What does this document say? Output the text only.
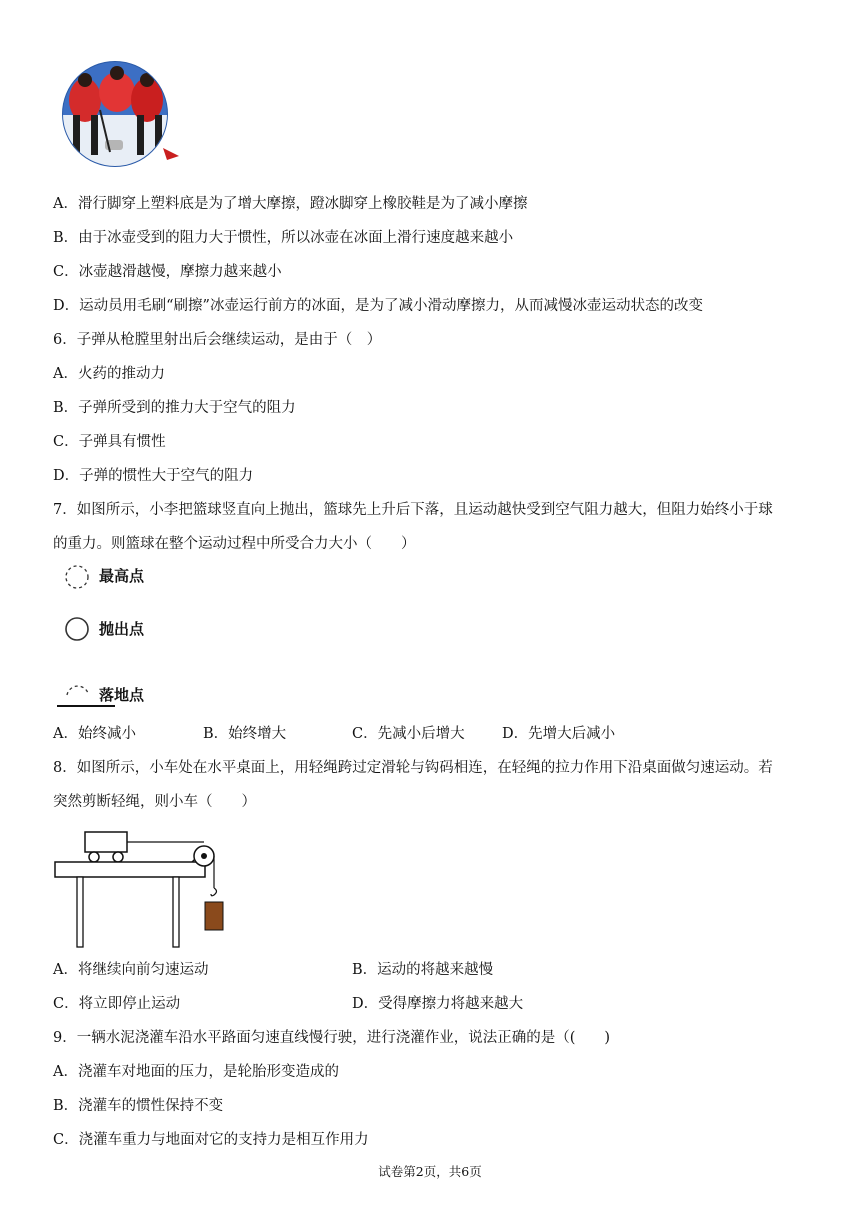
A．滑行脚穿上塑料底是为了增大摩擦，蹬冰脚穿上橡胶鞋是为了减小摩擦
B．由于冰壶受到的阻力大于惯性，所以冰壶在冰面上滑行速度越来越小
C．冰壶越滑越慢，摩擦力越来越小
D．运动员用毛刷“刷擦”冰壶运行前方的冰面，是为了减小滑动摩擦力，从而减慢冰壶运动状态的改变
6．子弹从枪膛里射出后会继续运动，是由于（　）
A．火药的推动力
B．子弹所受到的推力大于空气的阻力
C．子弹具有惯性
D．子弹的惯性大于空气的阻力
7．如图所示，小李把篮球竖直向上抛出，篮球先上升后下落，且运动越快受到空气阻力越大，但阻力始终小于球
的重力。则篮球在整个运动过程中所受合力大小（　　）
最高点
抛出点
落地点
A．始终减小	B．始终增大	C．先减小后增大	D．先增大后减小
8．如图所示，小车处在水平桌面上，用轻绳跨过定滑轮与钩码相连，在轻绳的拉力作用下沿桌面做匀速运动。若
突然剪断轻绳，则小车（　　）
A．将继续向前匀速运动	B．运动的将越来越慢
C．将立即停止运动	D．受得摩擦力将越来越大
9．一辆水泥浇灌车沿水平路面匀速直线慢行驶，进行浇灌作业，说法正确的是（(　　)
A．浇灌车对地面的压力，是轮胎形变造成的
B．浇灌车的惯性保持不变
C．浇灌车重力与地面对它的支持力是相互作用力
试卷第2页，共6页
